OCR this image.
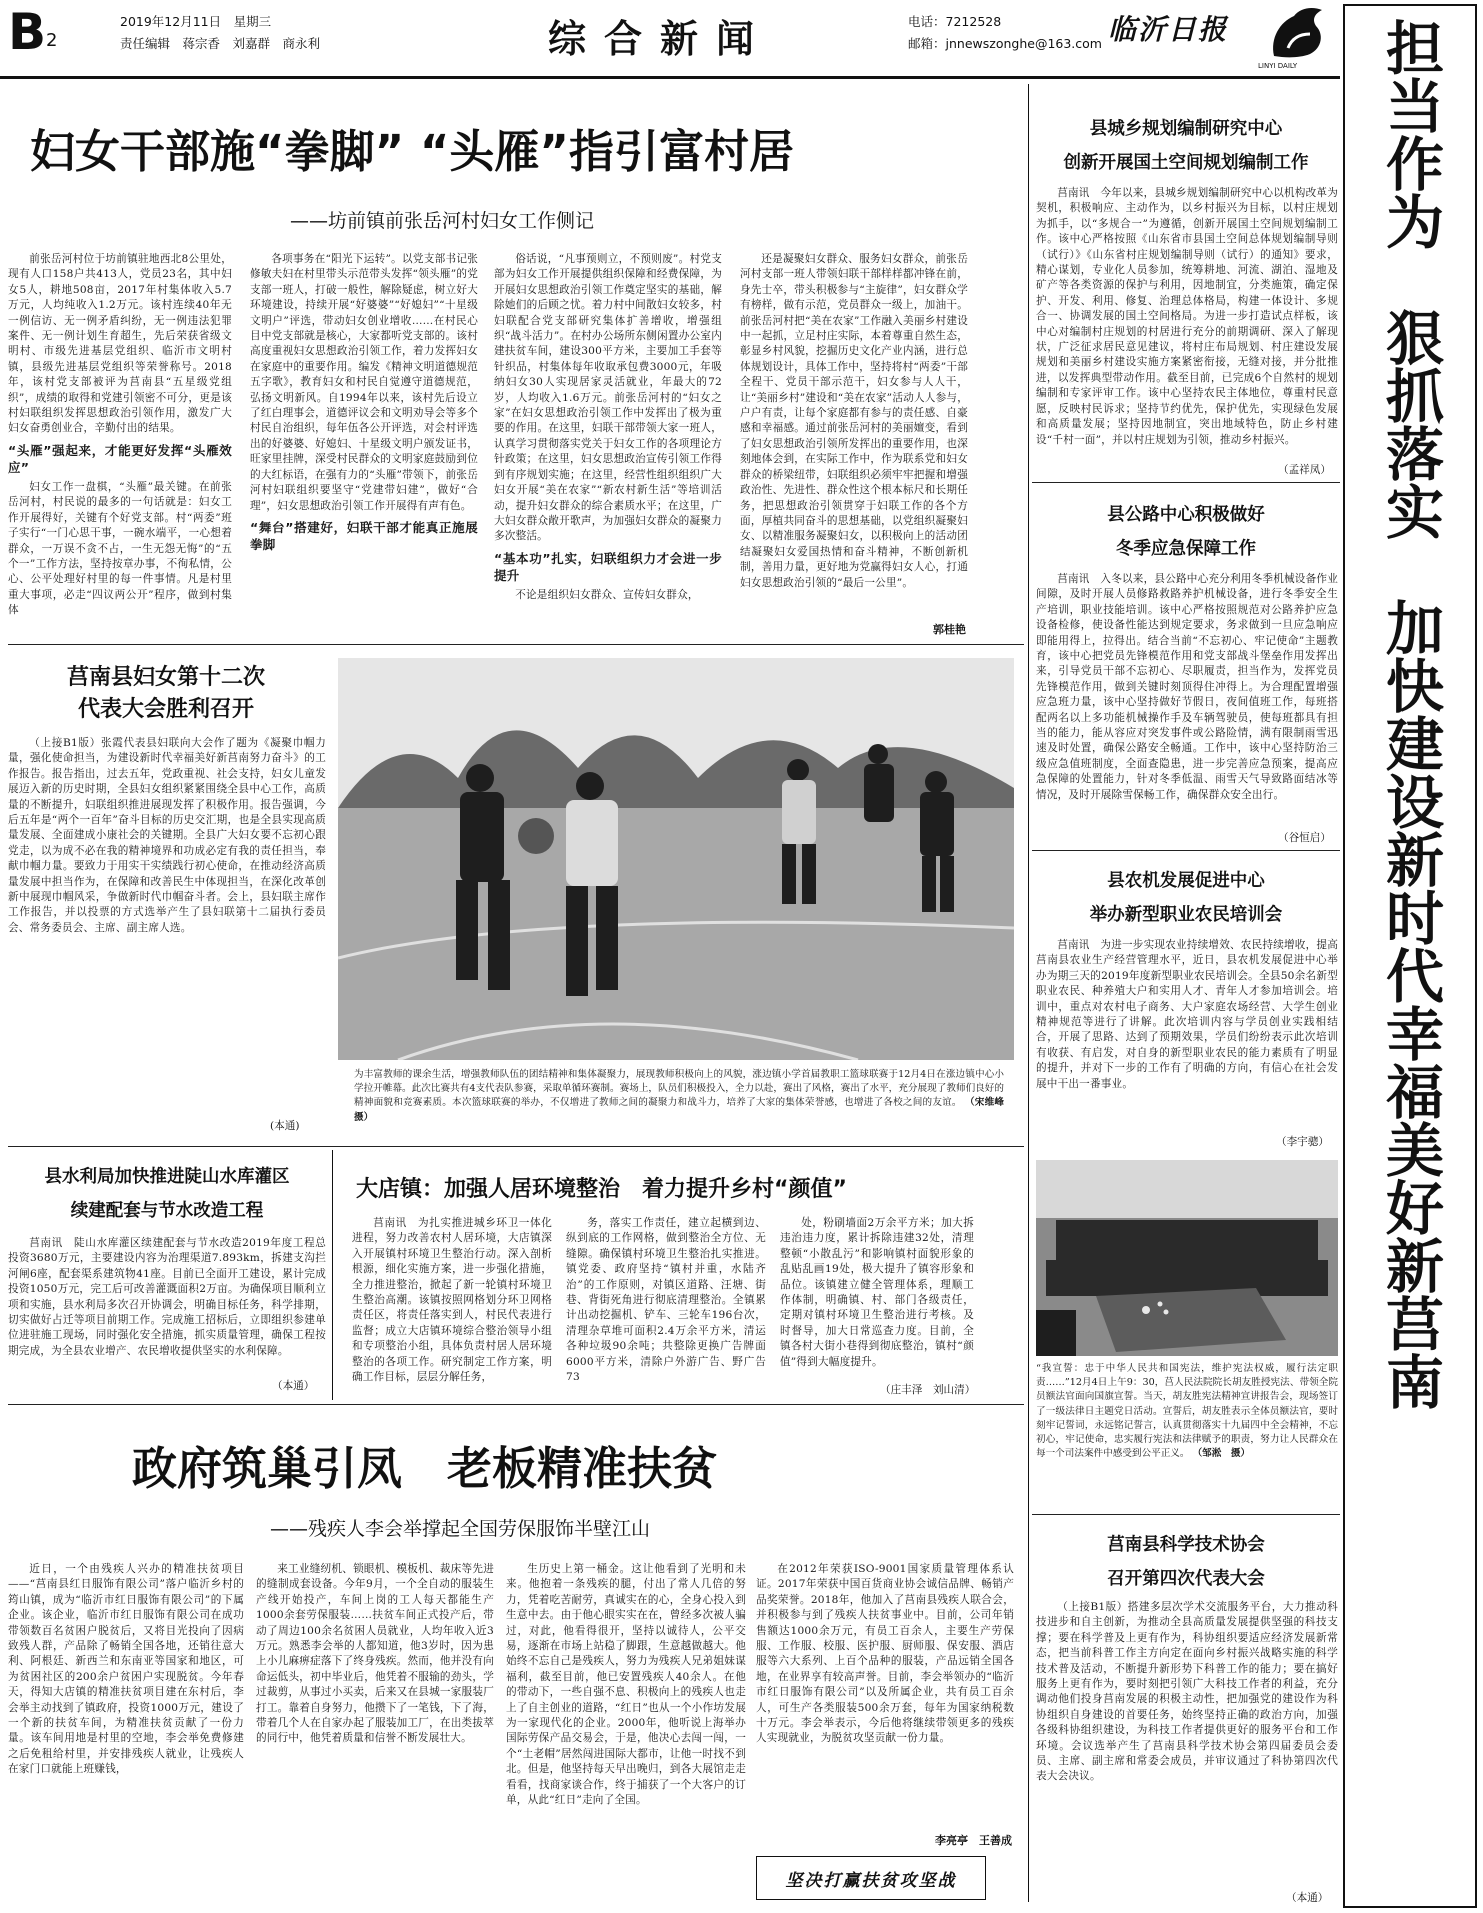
B 2
2019年12月11日　星期三
责任编辑　蒋宗香　刘嘉群　商永利	综合新闻	电话：7212528
邮箱：jnnewszonghe@163.com 临沂日报
LINYI DAILY	担当作为　狠抓落实　加快建设新时代幸福美好新莒南
妇女干部施“拳脚” “头雁”指引富村居
——坊前镇前张岳河村妇女工作侧记

前张岳河村位于坊前镇驻地西北8公里处，现有人口158户共413人，党员23名，其中妇女5人，耕地508亩，2017年村集体收入5.7万元，人均纯收入1.2万元。该村连续40年无一例信访、无一例矛盾纠纷，无一例违法犯罪案件、无一例计划生育超生，先后荣获省级文明村、市级先进基层党组织、临沂市文明村镇，县级先进基层党组织等荣誉称号。2018年，该村党支部被评为莒南县“五星级党组织”，成绩的取得和党建引领密不可分，更是该村妇联组织发挥思想政治引领作用，激发广大妇女奋勇创业合，辛勤付出的结果。

“头雁”强起来，才能更好发挥“头雁效应”

妇女工作一盘棋，“头雁”最关键。在前张岳河村，村民说的最多的一句话就是：妇女工作开展得好，关键有个好党支部。村“两委”班子实行“一门心思干事，一碗水端平，一心想着群众，一万误不贪不占，一生无怨无悔”的“五个一”工作方法，坚持按章办事，不徇私情，公心、公平处理好村里的每一件事情。凡是村里重大事项，必走“四议两公开”程序，做到村集体

各项事务在“阳光下运转”。以党支部书记张修敏夫妇在村里带头示范带头发挥“领头雁”的党支部一班人，打破一般性，解除疑虑，树立好大环境建设，持续开展“好婆婆”“好媳妇”“十星级文明户”评选，带动妇女创业增收……在村民心目中党支部就是核心，大家都听党支部的。该村高度重视妇女思想政治引领工作，着力发挥妇女在家庭中的重要作用。编发《精神文明道德规范五字歌》，教育妇女和村民自觉遵守道德规范，弘扬文明新风。自1994年以来，该村先后设立了红白理事会，道德评议会和文明劝导会等多个村民自治组织，每年伍各公开评选，对会村评选出的好婆婆、好媳妇、十星级文明户颁发证书，旺家里挂牌，深受村民群众的文明家庭鼓励到位的大红标语，在强有力的“头雁”带领下，前张岳河村妇联组织要坚守“党建带妇建”，做好“合理”，妇女思想政治引领工作开展得有声有色。

“舞台”搭建好，妇联干部才能真正施展拳脚

俗话说，“凡事预则立，不预则废”。村党支部为妇女工作开展提供组织保障和经费保障，为开展妇女思想政治引领工作奠定坚实的基础，解除她们的后顾之忧。着力村中间散妇女较多，村妇联配合党支部研究集体扩善增收，增强组织“战斗活力”。在村办公场所东侧闲置办公室内建扶贫车间，建设300平方米，主要加工手套等针织品，村集体每年收取承包费3000元，年吸纳妇女30人实现居家灵活就业，年最大的72岁，人均收入1.6万元。前张岳河村的“妇女之家”在妇女思想政治引领工作中发挥出了极为重要的作用。在这里，妇联干部带领大家一班人，认真学习贯彻落实党关于妇女工作的各项理论方针政策；在这里，妇女思想政治宣传引领工作得到有序规划实施；在这里，经营性组织组织广大妇女开展“美在农家”“新农村新生活”等培训活动，提升妇女群众的综合素质水平；在这里，广大妇女群众敞开歌声，为加强妇女群众的凝聚力多次整活。

“基本功”扎实，妇联组织力才会进一步提升

不论是组织妇女群众、宣传妇女群众，

还是凝聚妇女群众、服务妇女群众，前张岳河村支部一班人带领妇联干部样样都冲锋在前，身先士卒，带头积极参与“主旋律”，妇女群众学有榜样，做有示范，党员群众一级上，加油干。前张岳河村把“美在农家”工作融入美丽乡村建设中一起抓，立足村庄实际，本着尊重自然生态，彰显乡村风貌，挖掘历史文化产业内涵，进行总体规划设计，具体工作中，坚持将村“两委”干部全程干、党员干部示范干，妇女参与人人干，让“美丽乡村”建设和“美在农家”活动人人参与，户户有责，让每个家庭都有参与的责任感、自豪感和幸福感。通过前张岳河村的美丽嬗变，看到了妇女思想政治引领所发挥出的重要作用，也深刻地体会到，在实际工作中，作为联系党和妇女群众的桥梁纽带，妇联组织必须牢牢把握和增强政治性、先进性、群众性这个根本标尺和长期任务，把思想政治引领贯穿于妇联工作的各个方面，厚植共同奋斗的思想基础，以党组织凝聚妇女、以精准服务凝聚妇女，以积极向上的活动团结凝聚妇女爱国热情和奋斗精神，不断创新机制，善用力量，更好地为党赢得妇女人心，打通妇女思想政治引领的“最后一公里”。

郭桂艳
莒南县妇女第十二次
代表大会胜利召开

（上接B1版）张霞代表县妇联向大会作了题为《凝聚巾帼力量，强化使命担当，为建设新时代幸福美好新莒南努力奋斗》的工作报告。报告指出，过去五年，党政重视、社会支持，妇女儿童发展迈入新的历史时期，全县妇女组织紧紧围绕全县中心工作，高质量的不断提升，妇联组织推进展现发挥了积极作用。报告强调，今后五年是“两个一百年”奋斗目标的历史交汇期，也是全县实现高质量发展、全面建成小康社会的关键期。全县广大妇女要不忘初心跟党走，以为成不必在我的精神境界和功成必定有我的责任担当，奉献巾帼力量。要致力于用实干实绩践行初心使命，在推动经济高质量发展中担当作为，在保障和改善民生中体现担当，在深化改革创新中展现巾帼风采，争做新时代巾帼奋斗者。会上，县妇联主席作工作报告，并以投票的方式选举产生了县妇联第十二届执行委员会、常务委员会、主席、副主席人选。

(本通)
为丰富教师的课余生活，增强教师队伍的团结精神和集体凝聚力，展现教师积极向上的风貌，涨边镇小学首届教职工篮球联赛于12月4日在涨边镇中心小学拉开帷幕。此次比赛共有4支代表队参赛，采取单循环赛制。赛场上，队员们积极投入，全力以赴，赛出了风格，赛出了水平，充分展现了教师们良好的精神面貌和竞赛素质。本次篮球联赛的举办，不仅增进了教师之间的凝聚力和战斗力，培养了大家的集体荣誉感，也增进了各校之间的友谊。 （宋维峰　摄）
县水利局加快推进陡山水库灌区
续建配套与节水改造工程

莒南讯　陡山水库灌区续建配套与节水改造2019年度工程总投资3680万元，主要建设内容为治理渠道7.893km，拆建支沟拦河闸6座，配套渠系建筑物41座。目前已全面开工建设，累计完成投资1050万元，完工后可改善灌溉面积2万亩。为确保项目顺利立项和实施，县水利局多次召开协调会，明确目标任务，科学排期，切实做好占迁等项目前期工作。完成施工招标后，立即组织参建单位进驻施工现场，同时强化安全措施，抓实质量管理，确保工程按期完成，为全县农业增产、农民增收提供坚实的水利保障。

（本通）
大店镇：加强人居环境整治　着力提升乡村“颜值”

莒南讯　为扎实推进城乡环卫一体化进程，努力改善农村人居环境，大店镇深入开展镇村环境卫生整治行动。深入剖析根源，细化实施方案，进一步强化措施，全力推进整治，掀起了新一轮镇村环境卫生整治高潮。该镇按照网格划分环卫网格责任区，将责任落实到人，村民代表进行监督；成立大店镇环境综合整治领导小组和专项整治小组，具体负责村居人居环境整治的各项工作。研究制定工作方案，明确工作目标，层层分解任务，

务，落实工作责任，建立起横到边、纵到底的工作网格，做到整治全方位、无缝隙。确保镇村环境卫生整治扎实推进。镇党委、政府坚持“镇村并重，水陆齐治”的工作原则，对镇区道路、汪塘、街巷、背街死角进行彻底清理整治。全镇累计出动挖掘机、铲车、三轮车196台次，清理杂草堆可面积2.4万余平方米，清运各种垃圾90余吨；共整除更换广告牌面6000平方米，清除户外游广告、野广告73

处，粉刷墙面2万余平方米；加大拆违治违力度，累计拆除违建32处，清理整顿“小散乱污”和影响镇村面貌形象的乱贴乱画19处，极大提升了镇容形象和品位。该镇建立健全管理体系，理顺工作体制，明确镇、村、部门各级责任，定期对镇村环境卫生整治进行考核。及时督导，加大日常巡查力度。目前，全镇各村大街小巷得到彻底整治，镇村“颜值”得到大幅度提升。

（庄丰泽　刘山清）
政府筑巢引凤　老板精准扶贫
——残疾人李会举撑起全国劳保服饰半壁江山

近日，一个由残疾人兴办的精准扶贫项目——“莒南县红日服饰有限公司”落户临沂乡村的筠山镇，成为“临沂市红日服饰有限公司”的下属企业。该企业，临沂市红日服饰有限公司在成功带领数百名贫困户脱贫后，又将目光投向了因病致残人群，产品除了畅销全国各地，还销往意大利、阿根廷、新西兰和东南亚等国家和地区，可为贫困社区的200余户贫困户实现脱贫。今年春天，得知大店镇的精准扶贫项目建在东村后，李会举主动找到了镇政府，投资1000万元，建设了一个新的扶贫车间，为精准扶贫贡献了一份力量。该车间用地是村里的空地，李会举免费修建之后免租给村里，并安排残疾人就业，让残疾人在家门口就能上班赚钱，

来工业缝纫机、锁眼机、模板机、裁床等先进的缝制成套设备。今年9月，一个全自动的服装生产线开始投产，车间上岗的工人每天都能生产1000余套劳保服装……扶贫车间正式投产后，带动了周边100余名贫困人员就业，人均年收入近3万元。熟悉李会举的人都知道，他3岁时，因为患上小儿麻痹症落下了终身残疾。然而，他并没有向命运低头，初中毕业后，他凭着不服输的劲头，学过裁剪，从事过小买卖，后来又在县城一家服装厂打工。靠着自身努力，他攒下了一笔钱，下了海，带着几个人在自家办起了服装加工厂，在出类拔萃的同行中，他凭着质量和信誉不断发展壮大。

生历史上第一桶金。这让他看到了光明和未来。他抱着一条残疾的腿，付出了常人几倍的努力，凭着吃苦耐劳，真诚实在的心，全身心投入到生意中去。由于他心眼实实在在，曾经多次被人骗过，对此，他看得很开，坚持以诚待人，公平交易，逐渐在市场上站稳了脚跟，生意越做越大。他始终不忘自己是残疾人，努力为残疾人兄弟姐妹谋福利，截至目前，他已安置残疾人40余人。在他的带动下，一些自强不息、积极向上的残疾人也走上了自主创业的道路，“红日”也从一个小作坊发展为一家现代化的企业。2000年，他听说上海举办国际劳保产品交易会，于是，他决心去闯一闯，一个“土老帽”居然闯进国际大都市，让他一时找不到北。但是，他坚持每天早出晚归，到各大展馆走走看看，找商家谈合作，终于捕获了一个大客户的订单，从此“红日”走向了全国。

在2012年荣获ISO-9001国家质量管理体系认证。2017年荣获中国百货商业协会诚信品牌、畅销产品奖荣誉。2018年，他加入了莒南县残疾人联合会，并积极参与到了残疾人扶贫事业中。目前，公司年销售额达1000余万元，有员工百余人，主要生产劳保服、工作服、校服、医护服、厨师服、保安服、酒店服等六大系列、上百个品种的服装，产品远销全国各地，在业界享有较高声誉。目前，李会举领办的“临沂市红日服饰有限公司”以及所属企业，共有员工百余人，可生产各类服装500余万套，每年为国家纳税数十万元。李会举表示，今后他将继续带领更多的残疾人实现就业，为脱贫攻坚贡献一份力量。

李亮亭　王善成
坚决打赢扶贫攻坚战
县城乡规划编制研究中心
创新开展国土空间规划编制工作

莒南讯　今年以来，县城乡规划编制研究中心以机构改革为契机，积极响应、主动作为，以乡村振兴为目标，以村庄规划为抓手，以“多规合一”为遵循，创新开展国土空间规划编制工作。该中心严格按照《山东省市县国土空间总体规划编制导则（试行）》《山东省村庄规划编制导则（试行）的通知》要求，精心谋划，专业化人员参加，统筹耕地、河流、湖泊、湿地及矿产等各类资源的保护与利用，因地制宜，分类施策，确定保护、开发、利用、修复、治理总体格局，构建一体设计、多规合一、协调发展的国土空间格局。为进一步打造试点样板，该中心对编制村庄规划的村居进行充分的前期调研、深入了解现状，广泛征求居民意见建议，将村庄布局规划、村庄建设发展规划和美丽乡村建设实施方案紧密衔接，无缝对接，并分批推进，以发挥典型带动作用。截至目前，已完成6个自然村的规划编制和专家评审工作。该中心坚持农民主体地位，尊重村民意愿，反映村民诉求；坚持节约优先，保护优先，实现绿色发展和高质量发展；坚持因地制宜，突出地域特色，防止乡村建设“千村一面”，并以村庄规划为引领，推动乡村振兴。

（孟祥凤）
县公路中心积极做好
冬季应急保障工作

莒南讯　入冬以来，县公路中心充分利用冬季机械设备作业间隙，及时开展人员修路救路养护机械设备，进行冬季安全生产培训，职业技能培训。该中心严格按照规范对公路养护应急设备检修，使设备性能达到规定要求，务求做到一旦应急响应即能用得上，拉得出。结合当前“不忘初心、牢记使命”主题教育，该中心把党员先锋模范作用和党支部战斗堡垒作用发挥出来，引导党员干部不忘初心、尽职履责，担当作为，发挥党员先锋模范作用，做到关键时刻顶得住冲得上。为合理配置增强应急班力量，该中心坚持做好节假日，夜间值班工作，每班搭配两名以上多功能机械操作手及车辆驾驶员，使每班都具有担当的能力，能从容应对突发事件或公路险情，满有限制雨雪迅速及时处置，确保公路安全畅通。工作中，该中心坚持防治三级应急值班制度，全面查隐患，进一步完善应急预案，提高应急保障的处置能力，针对冬季低温、雨雪天气导致路面结冰等情况，及时开展除雪保畅工作，确保群众安全出行。

（谷恒启）
县农机发展促进中心
举办新型职业农民培训会

莒南讯　为进一步实现农业持续增效、农民持续增收，提高莒南县农业生产经营管理水平，近日，县农机发展促进中心举办为期三天的2019年度新型职业农民培训会。全县50余名新型职业农民、种养殖大户和实用人才、青年人才参加培训会。培训中，重点对农村电子商务、大户家庭农场经营、大学生创业精神规范等进行了讲解。此次培训内容与学员创业实践相结合，开展了思路、达到了预期效果，学员们纷纷表示此次培训有收获、有启发，对自身的新型职业农民的能力素质有了明显的提升，并对下一步的工作有了明确的方向，有信心在社会发展中干出一番事业。

（李宇骢）
“我宣誓：忠于中华人民共和国宪法，维护宪法权威，履行法定职责……”12月4日上午9：30，莒人民法院院长胡友胜授宪法、带领全院员额法官面向国旗宣誓。当天，胡友胜宪法精神宣讲报告会，现场签订了一级法律日主题党日活动。宣誓后，胡友胜表示全体员额法官，要时刻牢记誓词，永远铭记誓言，认真贯彻落实十九届四中全会精神，不忘初心，牢记使命，忠实履行宪法和法律赋予的职责，努力让人民群众在每一个司法案件中感受到公平正义。 （邹淞　摄）
莒南县科学技术协会
召开第四次代表大会

（上接B1版）搭建多层次学术交流服务平台，大力推动科技进步和自主创新，为推动全县高质量发展提供坚强的科技支撑；要在科学普及上更有作为，科协组织要适应经济发展新常态，把当前科普工作主方向定在面向乡村振兴战略实施的科学技术普及活动，不断提升新形势下科普工作的能力；要在搞好服务上更有作为，要时刻把引领广大科技工作者的利益，充分调动他们投身莒南发展的积极主动性，把加强党的建设作为科协组织自身建设的首要任务，始终坚持正确的政治方向，加强各级科协组织建设，为科技工作者提供更好的服务平台和工作环境。会议选举产生了莒南县科学技术协会第四届委员会委员、主席、副主席和常委会成员，并审议通过了科协第四次代表大会决议。

（本通）
